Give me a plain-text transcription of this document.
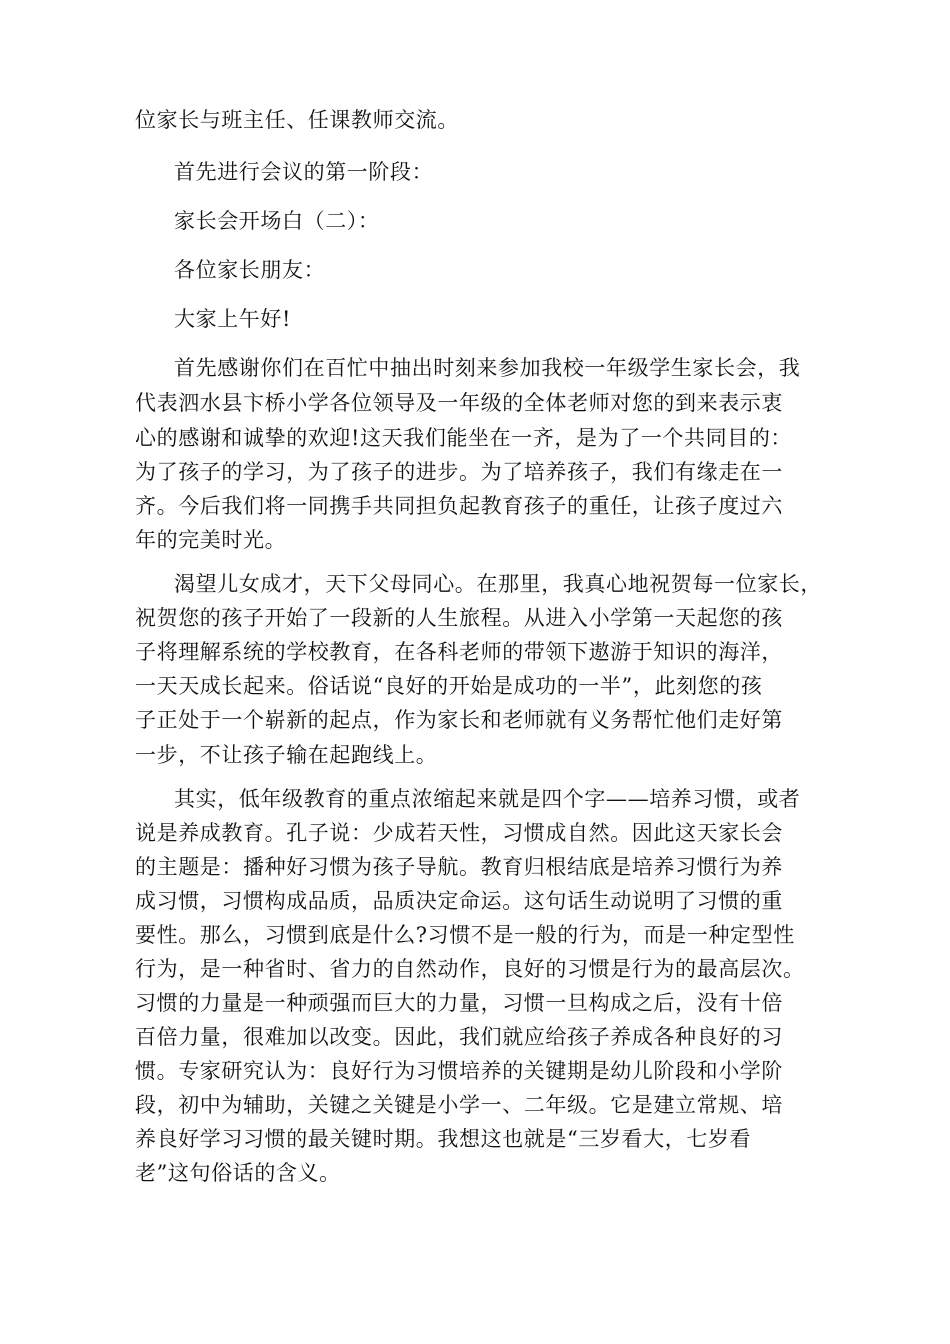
位家长与班主任、任课教师交流。
首先进行会议的第一阶段：
家长会开场白（二）：
各位家长朋友：
大家上午好!
首先感谢你们在百忙中抽出时刻来参加我校一年级学生家长会，我
代表泗水县卞桥小学各位领导及一年级的全体老师对您的到来表示衷
心的感谢和诚挚的欢迎!这天我们能坐在一齐，是为了一个共同目的：
为了孩子的学习，为了孩子的进步。为了培养孩子，我们有缘走在一
齐。今后我们将一同携手共同担负起教育孩子的重任，让孩子度过六
年的完美时光。
渴望儿女成才，天下父母同心。在那里，我真心地祝贺每一位家长，
祝贺您的孩子开始了一段新的人生旅程。从进入小学第一天起您的孩
子将理解系统的学校教育，在各科老师的带领下遨游于知识的海洋，
一天天成长起来。俗话说“良好的开始是成功的一半”，此刻您的孩
子正处于一个崭新的起点，作为家长和老师就有义务帮忙他们走好第
一步，不让孩子输在起跑线上。
其实，低年级教育的重点浓缩起来就是四个字——培养习惯，或者
说是养成教育。孔子说：少成若天性，习惯成自然。因此这天家长会
的主题是：播种好习惯为孩子导航。教育归根结底是培养习惯行为养
成习惯，习惯构成品质，品质决定命运。这句话生动说明了习惯的重
要性。那么，习惯到底是什么?习惯不是一般的行为，而是一种定型性
行为，是一种省时、省力的自然动作，良好的习惯是行为的最高层次。
习惯的力量是一种顽强而巨大的力量，习惯一旦构成之后，没有十倍
百倍力量，很难加以改变。因此，我们就应给孩子养成各种良好的习
惯。专家研究认为：良好行为习惯培养的关键期是幼儿阶段和小学阶
段，初中为辅助，关键之关键是小学一、二年级。它是建立常规、培
养良好学习习惯的最关键时期。我想这也就是“三岁看大，七岁看
老”这句俗话的含义。
